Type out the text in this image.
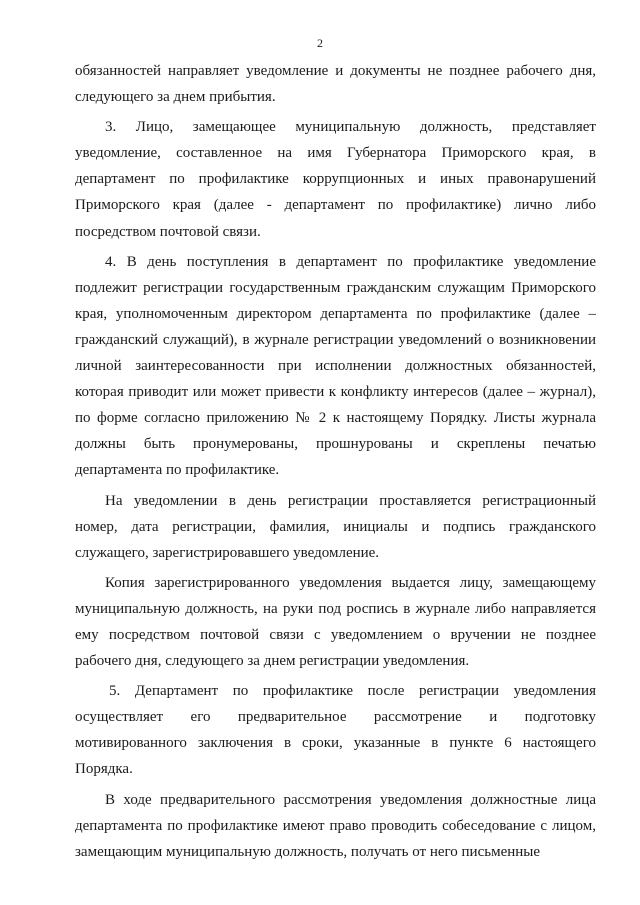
2
обязанностей направляет уведомление и документы не позднее рабочего дня,
следующего за днем прибытия.
3. Лицо, замещающее муниципальную должность, представляет
уведомление, составленное на имя Губернатора Приморского края, в
департамент по профилактике коррупционных и иных правонарушений
Приморского края (далее - департамент по профилактике) лично либо
посредством почтовой связи.
4. В день поступления в департамент по профилактике уведомление
подлежит регистрации государственным гражданским служащим Приморского
края, уполномоченным директором департамента по профилактике (далее –
гражданский служащий), в журнале регистрации уведомлений о возникновении
личной заинтересованности при исполнении должностных обязанностей,
которая приводит или может привести к конфликту интересов (далее – журнал),
по форме согласно приложению № 2 к настоящему Порядку. Листы журнала
должны быть пронумерованы, прошнурованы и скреплены печатью
департамента по профилактике.
На уведомлении в день регистрации проставляется регистрационный
номер, дата регистрации, фамилия, инициалы и подпись гражданского
служащего, зарегистрировавшего уведомление.
Копия зарегистрированного уведомления выдается лицу, замещающему
муниципальную должность, на руки под роспись в журнале либо направляется
ему посредством почтовой связи с уведомлением о вручении не позднее
рабочего дня, следующего за днем регистрации уведомления.
5. Департамент по профилактике после регистрации уведомления
осуществляет его предварительное рассмотрение и подготовку
мотивированного заключения в сроки, указанные в пункте 6 настоящего
Порядка.
В ходе предварительного рассмотрения уведомления должностные лица
департамента по профилактике имеют право проводить собеседование с лицом,
замещающим муниципальную должность, получать от него письменные
